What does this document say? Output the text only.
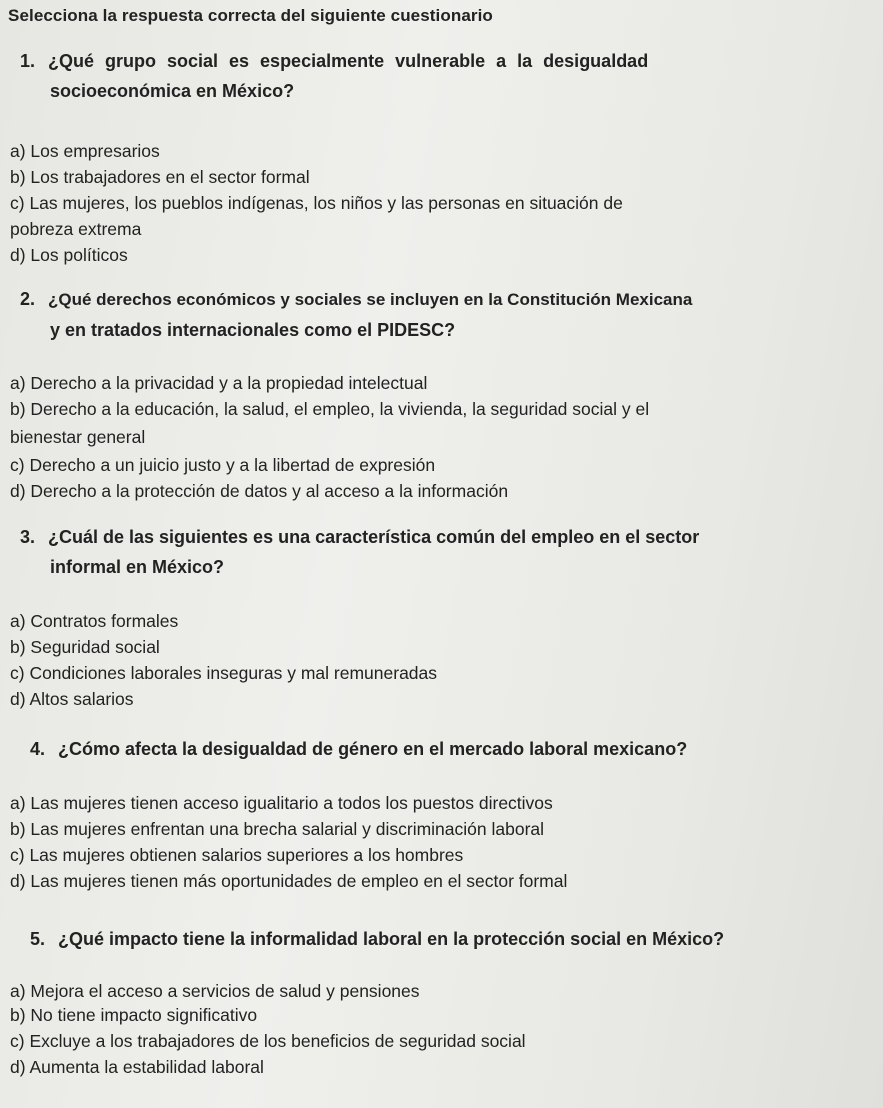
Selecciona la respuesta correcta del siguiente cuestionario
1. ¿Qué grupo social es especialmente vulnerable a la desigualdad
socioeconómica en México?
a) Los empresarios
b) Los trabajadores en el sector formal
c) Las mujeres, los pueblos indígenas, los niños y las personas en situación de
pobreza extrema
d) Los políticos
2. ¿Qué derechos económicos y sociales se incluyen en la Constitución Mexicana
y en tratados internacionales como el PIDESC?
a) Derecho a la privacidad y a la propiedad intelectual
b) Derecho a la educación, la salud, el empleo, la vivienda, la seguridad social y el
bienestar general
c) Derecho a un juicio justo y a la libertad de expresión
d) Derecho a la protección de datos y al acceso a la información
3. ¿Cuál de las siguientes es una característica común del empleo en el sector
informal en México?
a) Contratos formales
b) Seguridad social
c) Condiciones laborales inseguras y mal remuneradas
d) Altos salarios
4. ¿Cómo afecta la desigualdad de género en el mercado laboral mexicano?
a) Las mujeres tienen acceso igualitario a todos los puestos directivos
b) Las mujeres enfrentan una brecha salarial y discriminación laboral
c) Las mujeres obtienen salarios superiores a los hombres
d) Las mujeres tienen más oportunidades de empleo en el sector formal
5. ¿Qué impacto tiene la informalidad laboral en la protección social en México?
a) Mejora el acceso a servicios de salud y pensiones
b) No tiene impacto significativo
c) Excluye a los trabajadores de los beneficios de seguridad social
d) Aumenta la estabilidad laboral
